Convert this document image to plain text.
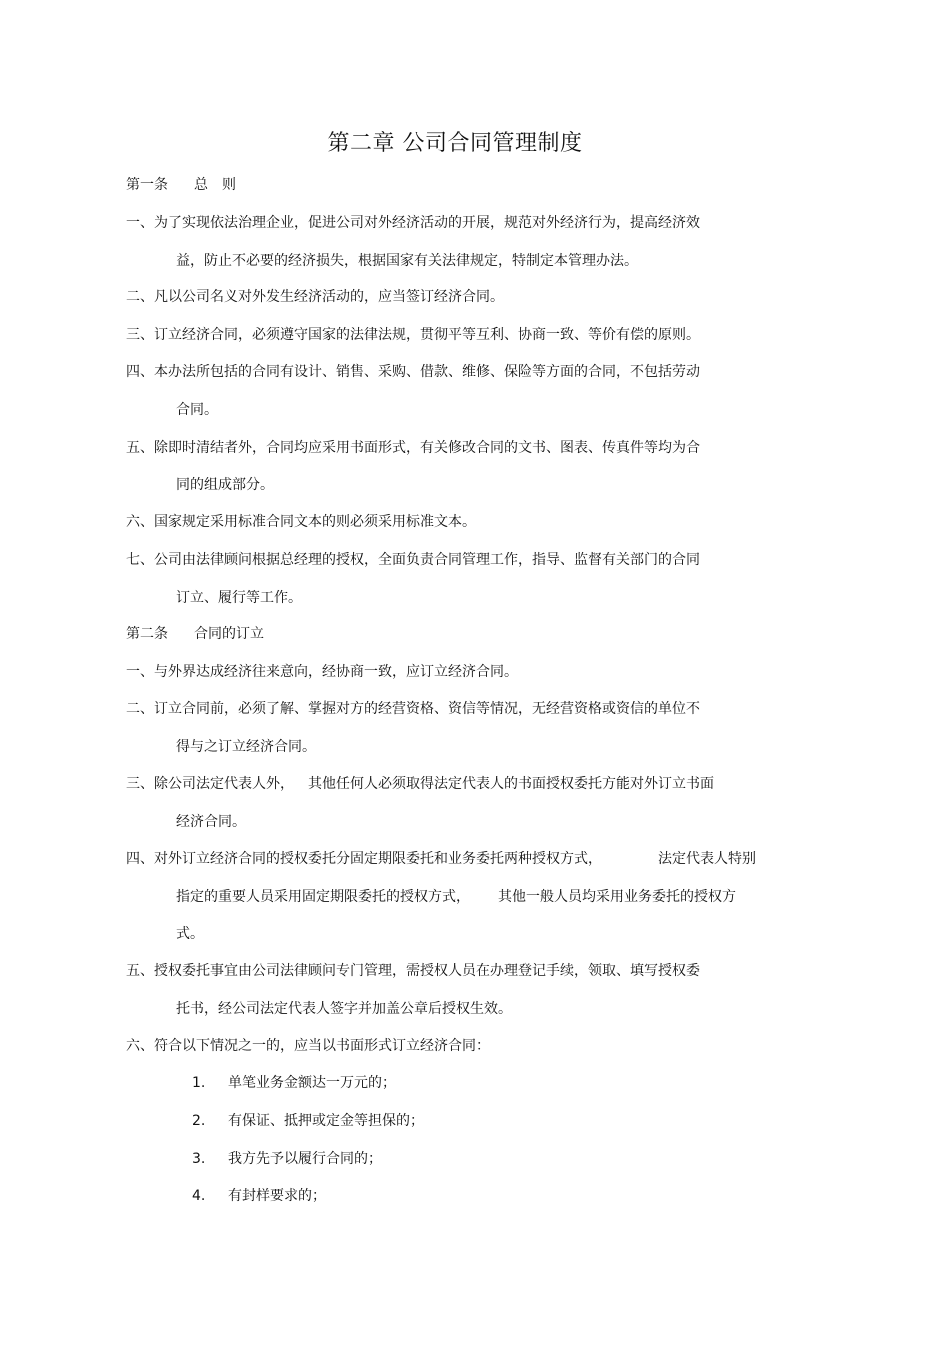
第二章 公司合同管理制度
第一条 总　则
一、为了实现依法治理企业，促进公司对外经济活动的开展，规范对外经济行为，提高经济效
益，防止不必要的经济损失，根据国家有关法律规定，特制定本管理办法。
二、凡以公司名义对外发生经济活动的，应当签订经济合同。
三、订立经济合同，必须遵守国家的法律法规，贯彻平等互利、协商一致、等价有偿的原则。
四、本办法所包括的合同有设计、销售、采购、借款、维修、保险等方面的合同，不包括劳动
合同。
五、除即时清结者外，合同均应采用书面形式，有关修改合同的文书、图表、传真件等均为合
同的组成部分。
六、国家规定采用标准合同文本的则必须采用标准文本。
七、公司由法律顾问根据总经理的授权，全面负责合同管理工作，指导、监督有关部门的合同
订立、履行等工作。
第二条 合同的订立
一、与外界达成经济往来意向，经协商一致，应订立经济合同。
二、订立合同前，必须了解、掌握对方的经营资格、资信等情况，无经营资格或资信的单位不
得与之订立经济合同。
三、除公司法定代表人外， 其他任何人必须取得法定代表人的书面授权委托方能对外订立书面
经济合同。
四、对外订立经济合同的授权委托分固定期限委托和业务委托两种授权方式，	法定代表人特别
指定的重要人员采用固定期限委托的授权方式， 其他一般人员均采用业务委托的授权方
式。
五、授权委托事宜由公司法律顾问专门管理，需授权人员在办理登记手续，领取、填写授权委
托书，经公司法定代表人签字并加盖公章后授权生效。
六、符合以下情况之一的，应当以书面形式订立经济合同：
1. 单笔业务金额达一万元的；
2. 有保证、抵押或定金等担保的；
3. 我方先予以履行合同的；
4. 有封样要求的；
